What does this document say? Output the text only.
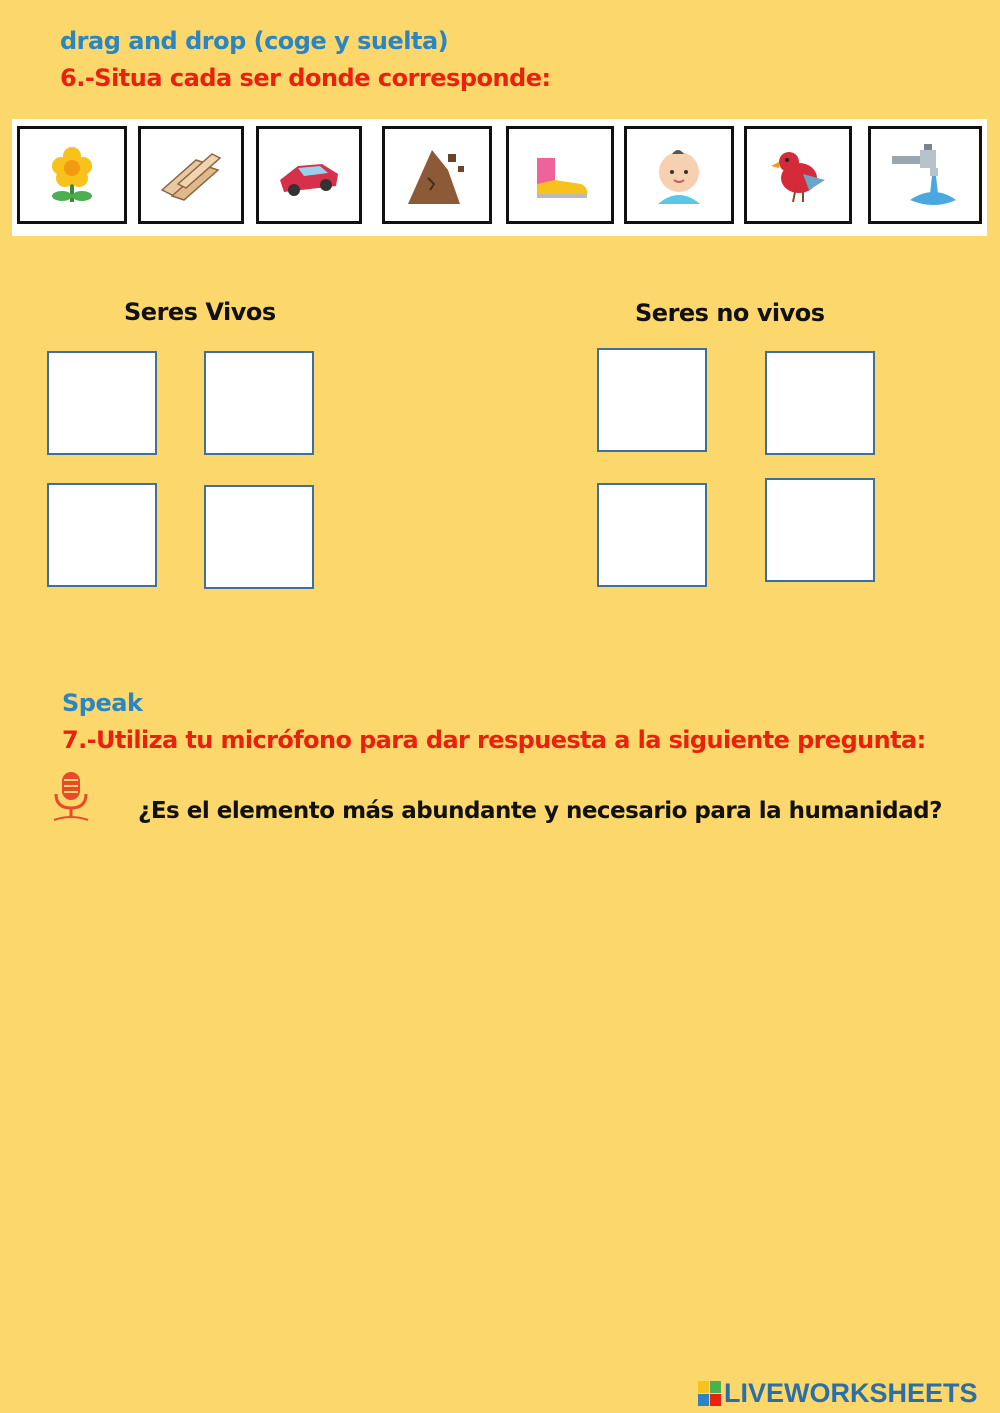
drag and drop (coge y suelta)
6.-Situa cada ser donde corresponde:
Seres Vivos	Seres no vivos
Speak
7.-Utiliza tu micrófono para dar respuesta a la siguiente pregunta:
¿Es el elemento más abundante y necesario para la humanidad?
LIVEWORKSHEETS
